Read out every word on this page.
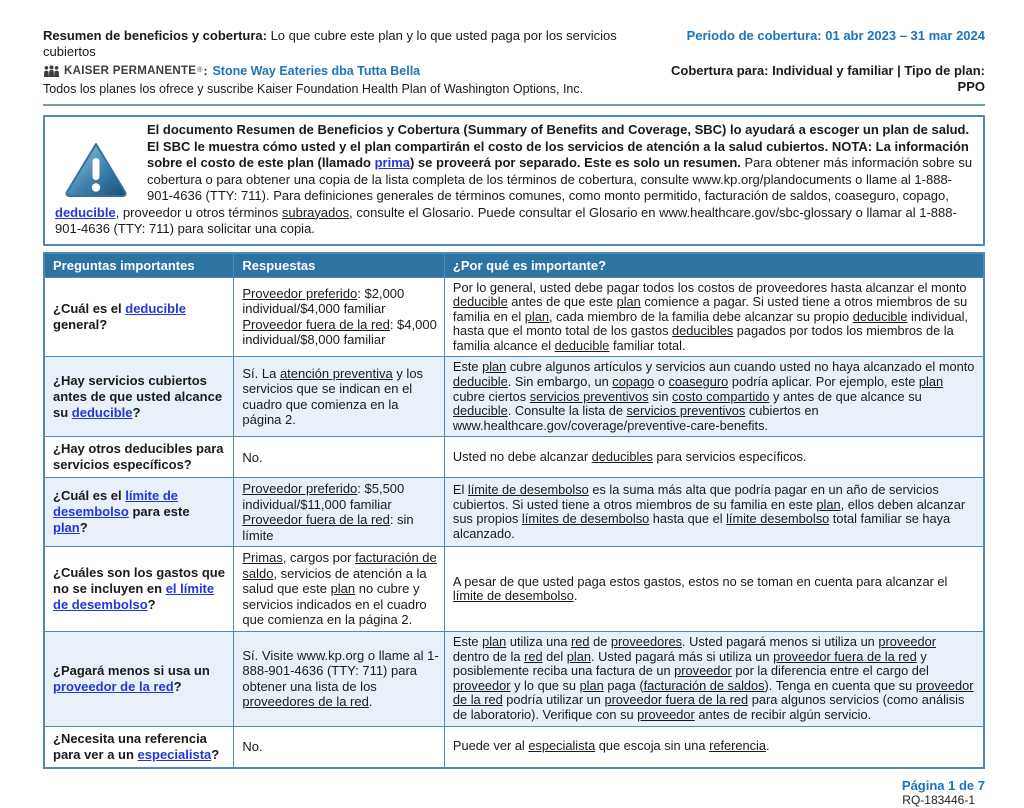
Resumen de beneficios y cobertura: Lo que cubre este plan y lo que usted paga por los servicios cubiertos
KAISER PERMANENTE ® : Stone Way Eateries dba Tutta Bella
Todos los planes los ofrece y suscribe Kaiser Foundation Health Plan of Washington Options, Inc.
Periodo de cobertura: 01 abr 2023 – 31 mar 2024
Cobertura para: Individual y familiar | Tipo de plan: PPO
El documento Resumen de Beneficios y Cobertura (Summary of Benefits and Coverage, SBC) lo ayudará a escoger un plan de salud. El SBC le muestra cómo usted y el plan compartirán el costo de los servicios de atención a la salud cubiertos. NOTA: La información sobre el costo de este plan (llamado prima) se proveerá por separado. Este es solo un resumen. Para obtener más información sobre su cobertura o para obtener una copia de la lista completa de los términos de cobertura, consulte www.kp.org/plandocuments o llame al 1-888-901-4636 (TTY: 711). Para definiciones generales de términos comunes, como monto permitido, facturación de saldos, coaseguro, copago, deducible, proveedor u otros términos subrayados, consulte el Glosario. Puede consultar el Glosario en www.healthcare.gov/sbc-glossary o llamar al 1-888-901-4636 (TTY: 711) para solicitar una copia.
Preguntas importantes	Respuestas	¿Por qué es importante?
¿Cuál es el deducible general?	Proveedor preferido: $2,000 individual/$4,000 familiar
Proveedor fuera de la red: $4,000 individual/$8,000 familiar	Por lo general, usted debe pagar todos los costos de proveedores hasta alcanzar el monto deducible antes de que este plan comience a pagar. Si usted tiene a otros miembros de su familia en el plan, cada miembro de la familia debe alcanzar su propio deducible individual, hasta que el monto total de los gastos deducibles pagados por todos los miembros de la familia alcance el deducible familiar total.
¿Hay servicios cubiertos antes de que usted alcance su deducible?	Sí. La atención preventiva y los servicios que se indican en el cuadro que comienza en la página 2.	Este plan cubre algunos artículos y servicios aun cuando usted no haya alcanzado el monto deducible. Sin embargo, un copago o coaseguro podría aplicar. Por ejemplo, este plan cubre ciertos servicios preventivos sin costo compartido y antes de que alcance su deducible. Consulte la lista de servicios preventivos cubiertos en www.healthcare.gov/coverage/preventive-care-benefits.
¿Hay otros deducibles para servicios específicos?	No.	Usted no debe alcanzar deducibles para servicios específicos.
¿Cuál es el límite de desembolso para este plan?	Proveedor preferido: $5,500 individual/$11,000 familiar
Proveedor fuera de la red: sin límite	El límite de desembolso es la suma más alta que podría pagar en un año de servicios cubiertos. Si usted tiene a otros miembros de su familia en este plan, ellos deben alcanzar sus propios límites de desembolso hasta que el límite desembolso total familiar se haya alcanzado.
¿Cuáles son los gastos que no se incluyen en el límite de desembolso?	Primas, cargos por facturación de saldo, servicios de atención a la salud que este plan no cubre y servicios indicados en el cuadro que comienza en la página 2.	A pesar de que usted paga estos gastos, estos no se toman en cuenta para alcanzar el límite de desembolso.
¿Pagará menos si usa un proveedor de la red?	Sí. Visite www.kp.org o llame al 1-888-901-4636 (TTY: 711) para obtener una lista de los proveedores de la red.	Este plan utiliza una red de proveedores. Usted pagará menos si utiliza un proveedor dentro de la red del plan. Usted pagará más si utiliza un proveedor fuera de la red y posiblemente reciba una factura de un proveedor por la diferencia entre el cargo del proveedor y lo que su plan paga (facturación de saldos). Tenga en cuenta que su proveedor de la red podría utilizar un proveedor fuera de la red para algunos servicios (como análisis de laboratorio). Verifique con su proveedor antes de recibir algún servicio.
¿Necesita una referencia para ver a un especialista?	No.	Puede ver al especialista que escoja sin una referencia.
Página 1 de 7
RQ-183446-1
